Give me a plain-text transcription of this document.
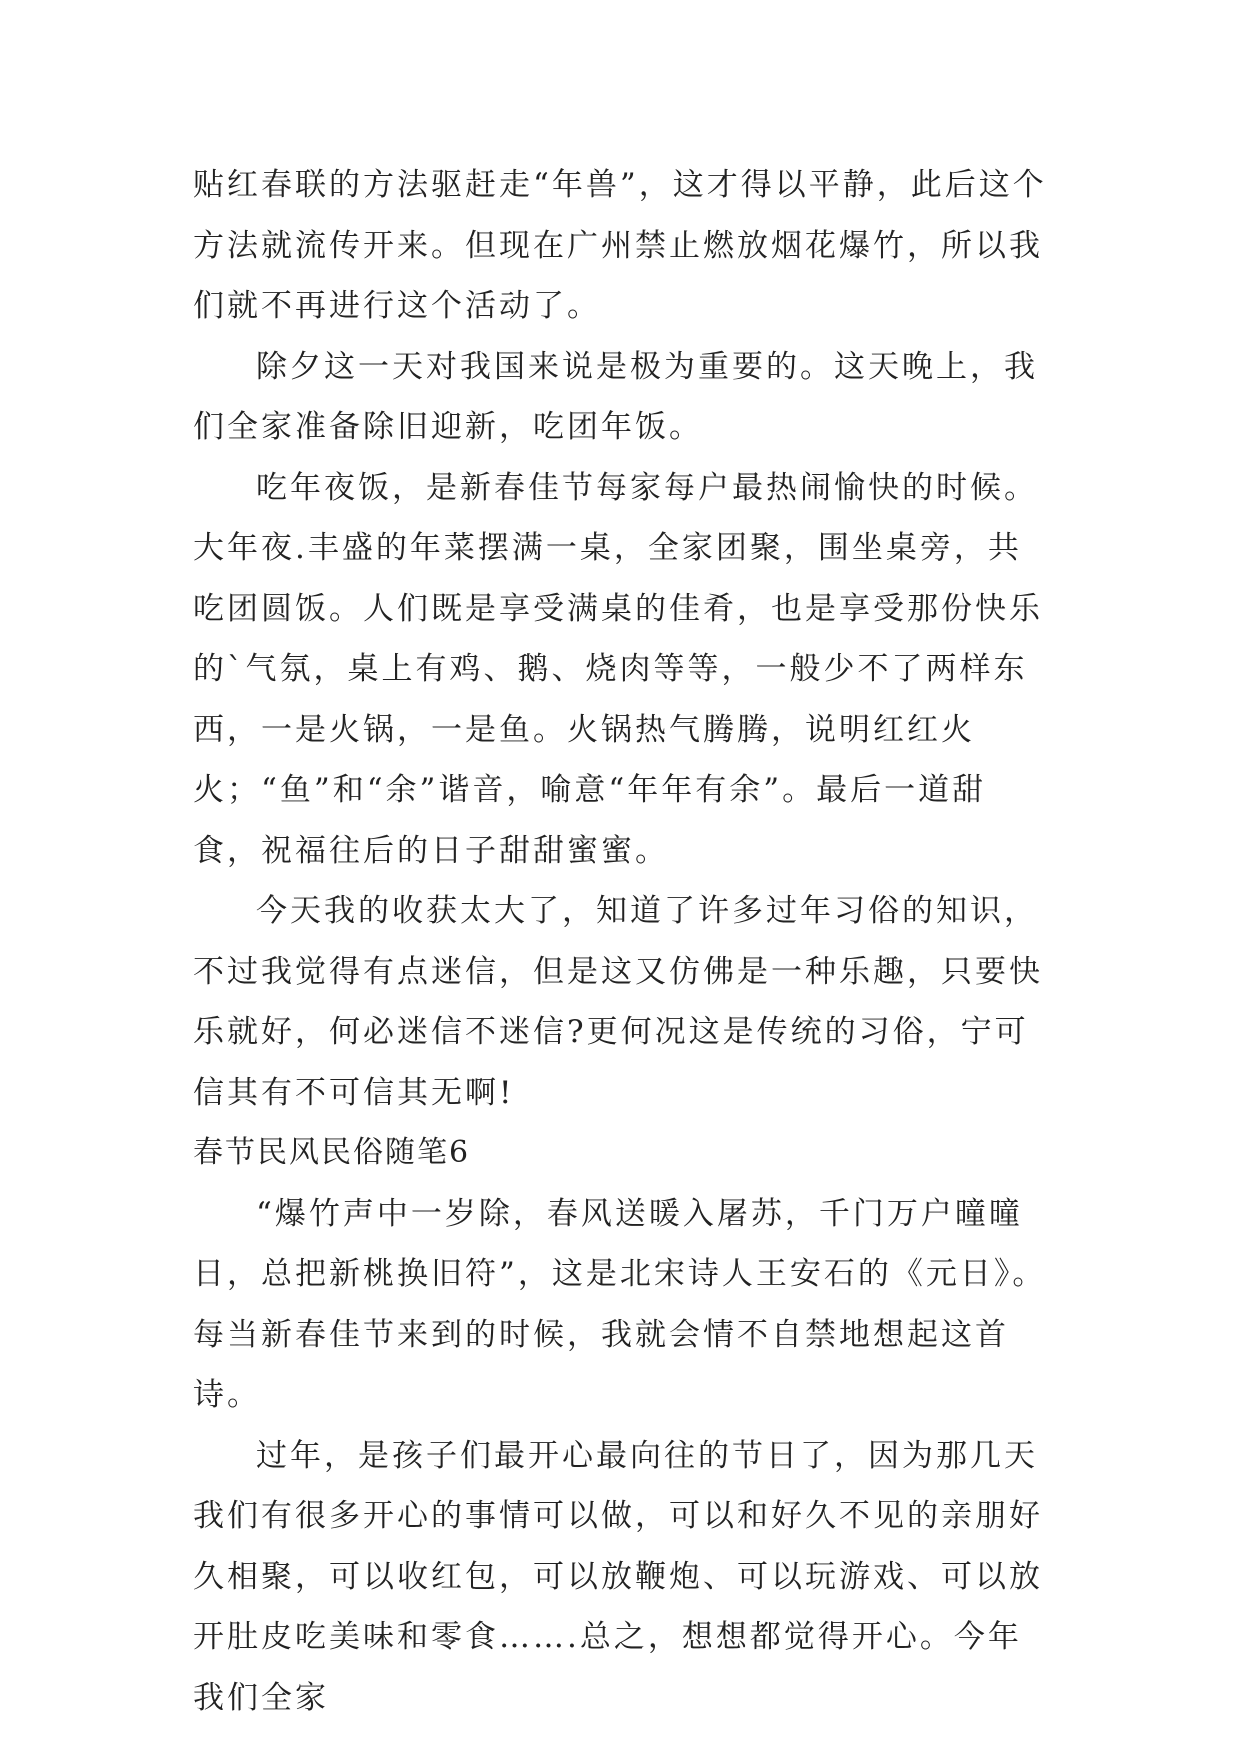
贴红春联的方法驱赶走“年兽”，这才得以平静，此后这个方法就流传开来。但现在广州禁止燃放烟花爆竹，所以我们就不再进行这个活动了。

除夕这一天对我国来说是极为重要的。这天晚上，我们全家准备除旧迎新，吃团年饭。

吃年夜饭，是新春佳节每家每户最热闹愉快的时候。大年夜.丰盛的年菜摆满一桌，全家团聚，围坐桌旁，共吃团圆饭。人们既是享受满桌的佳肴，也是享受那份快乐的`气氛，桌上有鸡、鹅、烧肉等等，一般少不了两样东西，一是火锅，一是鱼。火锅热气腾腾，说明红红火火；“鱼”和“余”谐音，喻意“年年有余”。最后一道甜食，祝福往后的日子甜甜蜜蜜。

今天我的收获太大了，知道了许多过年习俗的知识，不过我觉得有点迷信，但是这又仿佛是一种乐趣，只要快乐就好，何必迷信不迷信?更何况这是传统的习俗，宁可信其有不可信其无啊!

春节民风民俗随笔6

“爆竹声中一岁除，春风送暖入屠苏，千门万户曈曈日，总把新桃换旧符”，这是北宋诗人王安石的《元日》。每当新春佳节来到的时候，我就会情不自禁地想起这首诗。

过年，是孩子们最开心最向往的节日了，因为那几天我们有很多开心的事情可以做，可以和好久不见的亲朋好久相聚，可以收红包，可以放鞭炮、可以玩游戏、可以放开肚皮吃美味和零食…….总之，想想都觉得开心。今年我们全家
